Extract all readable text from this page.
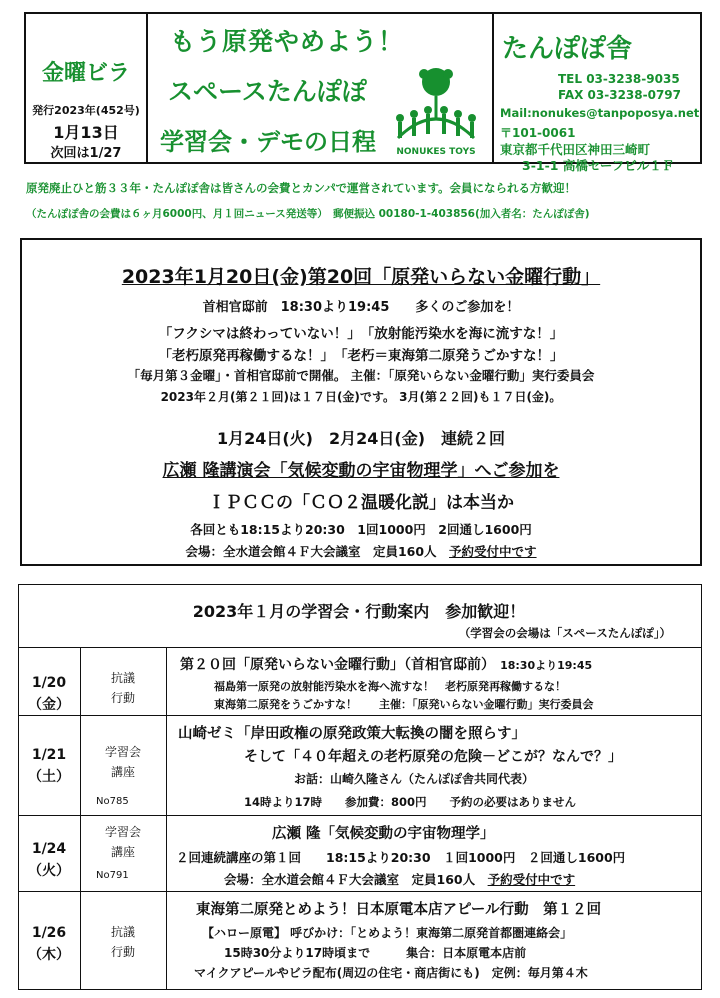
金曜ビラ
発行2023年(452号)
1月13日
次回は1/27
もう原発やめよう！
スペースたんぽぽ
学習会・デモの日程 NONUKES TOYS
たんぽぽ舎
TEL 03-3238-9035
FAX 03-3238-0797
Mail:nonukes@tanpoposya.net
〒101-0061
東京都千代田区神田三崎町
3-1-1 高橋セーフビル１Ｆ
原発廃止ひと筋３３年・たんぽぽ舎は皆さんの会費とカンパで運営されています。会員になられる方歓迎！
（たんぽぽ舎の会費は６ヶ月6000円、月１回ニュース発送等）　郵便振込 00180-1-403856(加入者名：たんぽぽ舎)
2023年1月20日(金)第20回「原発いらない金曜行動」
首相官邸前　18:30より19:45　　多くのご参加を！
「フクシマは終わっていない！」　「放射能汚染水を海に流すな！」
「老朽原発再稼働するな！」　「老朽＝東海第二原発うごかすな！」
「毎月第３金曜」・首相官邸前で開催。 主催：「原発いらない金曜行動」実行委員会
2023年２月(第２１回)は１７日(金)です。 3月(第２２回)も１７日(金)。
1月24日(火)　2月24日(金)　連続２回
広瀬 隆講演会「気候変動の宇宙物理学」へご参加を
ＩＰＣＣの「ＣＯ２温暖化説」は本当か
各回とも18:15より20:30　1回1000円　2回通し1600円
会場：全水道会館４Ｆ大会議室　定員160人　 予約受付中です
2023年１月の学習会・行動案内　参加歓迎！
（学習会の会場は「スペースたんぽぽ」）
1/20
（金）
抗議
行動
第２０回「原発いらない金曜行動」（首相官邸前） 18:30より19:45
福島第一原発の放射能汚染水を海へ流すな！　老朽原発再稼働するな！
東海第二原発をうごかすな！　　主催：「原発いらない金曜行動」実行委員会
1/21
（土）
学習会
講座
No785
山崎ゼミ「岸田政権の原発政策大転換の闇を照らす」
そして「４０年超えの老朽原発の危険－どこが？なんで？」
お話：山崎久隆さん（たんぽぽ舎共同代表）
14時より17時　　参加費：800円　　予約の必要はありません
1/24
（火）
学習会
講座
No791
広瀬 隆「気候変動の宇宙物理学」
２回連続講座の第１回　　18:15より20:30　１回1000円　２回通し1600円
会場：全水道会館４Ｆ大会議室　定員160人　 予約受付中です
1/26
（木）
抗議
行動
東海第二原発とめよう！日本原電本店アピール行動　第１２回
【ハロー原電】 呼びかけ：「とめよう！東海第二原発首都圏連絡会」
15時30分より17時頃まで　　　集合：日本原電本店前
マイクアピールやビラ配布(周辺の住宅・商店街にも)　定例：毎月第４木
